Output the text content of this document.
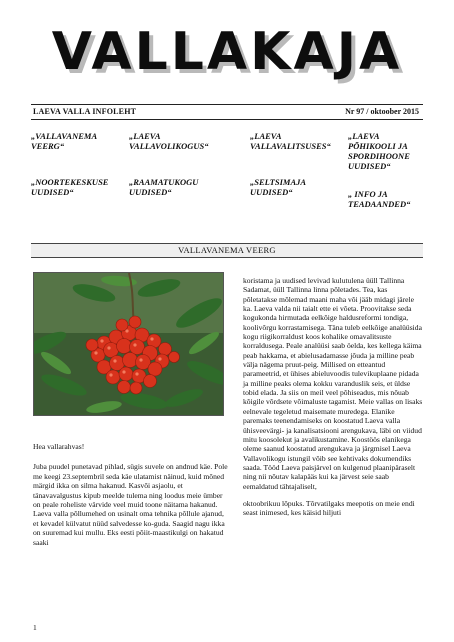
VALLAKAJA
LAEVA VALLA INFOLEHT	Nr 97 / oktoober 2015
„VALLAVANEMA VEERG“
„LAEVA VALLAVOLIKOGUS“
„LAEVA VALLAVALITSUSES“
„LAEVA PÕHIKOOLI JA SPORDIHOONE UUDISED“
„NOORTEKESKUSE UUDISED“
„RAAMATUKOGU UUDISED“
„SELTSIMAJA UUDISED“	„ INFO JA TEADAANDED“
VALLAVANEMA VEERG

Hea vallarahvas!

Juba puudel punetavad pihlad, sügis suvele on andnud käe. Pole me keegi 23.septembril seda käe ulatamist näinud, kuid mõned märgid ikka on silma hakanud. Kasvõi asjaolu, et tänavavalgustus kipub meelde tulema ning loodus meie ümber on peale roheliste värvide veel muid toone näitama hakanud. Laeva valla põllumehed on usinalt oma tehnika põllule ajanud, et kevadel külvatut nüüd salvedesse ko-guda. Saagid nagu ikka on suuremad kui mullu. Eks eesti põiit-maastikulgi on hakatud saaki

koristama ja uudised levivad kulutulena üüll Tallinna Sadamat, üüll Tallinna linna põletades. Tea, kas põletatakse mõlemad maani maha või jääb midagi järele ka. Laeva valda nii taialt ette ei võeta. Proovitakse seda kogukonda hirmutada eelkõige haldusreformi tondiga, koolivõrgu korrastamisega. Täna tuleb eelkõige analüüsida kogu riigikorraldust koos kohalike omavalitsuste korraldusega. Peale analüüsi saab öelda, kes kellega käima peab hakkama, et abielusadamasse jõuda ja milline peab välja nägema pruut-peig. Millised on etteantud parameetrid, et ühises abieluvoodis tulevikuplaane pidada ja milline peaks olema kokku varanduslik seis, et üldse tobid elada. Ja siis on meil veel põhiseadus, mis nõuab kõigile võrdsete võimaluste tagamist. Meie vallas on lisaks eelnevale tegeletud maisemate muredega. Elanike paremaks teenendamiseks on koostatud Laeva valla ühisveevärgi- ja kanalisatsiooni arengukava, läbi on viidud mitu koosolekut ja avalikustamine. Koostöös elanikega oleme saanud koostatud arengukava ja järgmisel Laeva Vallavolikogu istungil võib see kehtivaks dokumendiks saada. Tööd Laeva paisjärvel on kulgenud plaanipäraselt ning nii nõutav kalapääs kui ka järvest seie saab eemaldatud tähtajaliselt,

oktoobrikuu lõpuks. Tõrvatilgaks meepotis on meie endi seast inimesed, kes käisid hiljuti

1
